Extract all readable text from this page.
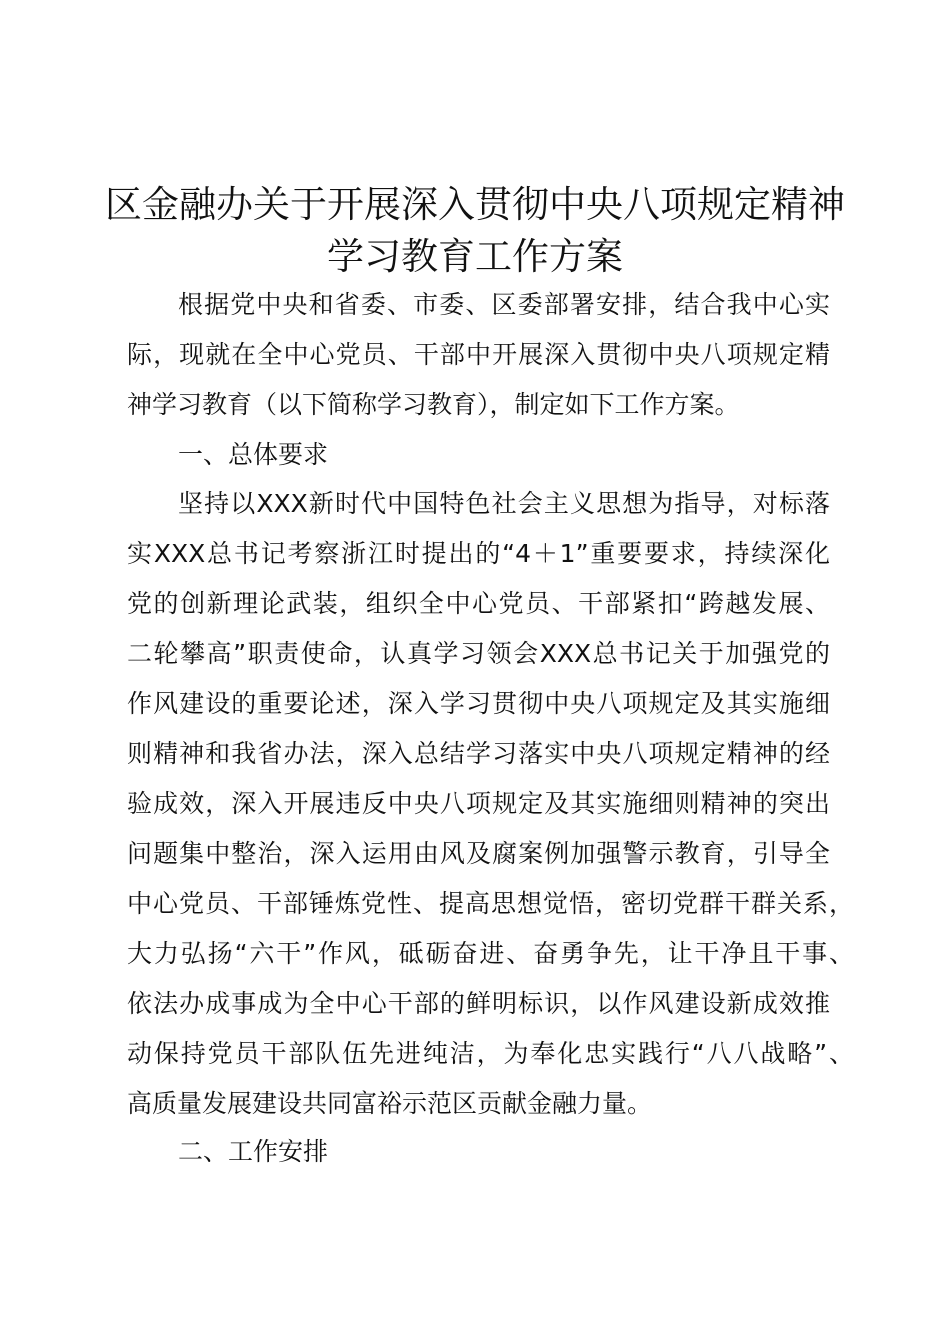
区金融办关于开展深入贯彻中央八项规定精神
学习教育工作方案
根据党中央和省委、市委、区委部署安排，结合我中心实
际，现就在全中心党员、干部中开展深入贯彻中央八项规定精
神学习教育（以下简称学习教育），制定如下工作方案。
一、总体要求
坚持以XXX新时代中国特色社会主义思想为指导，对标落
实XXX总书记考察浙江时提出的“4＋1”重要要求，持续深化
党的创新理论武装，组织全中心党员、干部紧扣“跨越发展、
二轮攀高”职责使命，认真学习领会XXX总书记关于加强党的
作风建设的重要论述，深入学习贯彻中央八项规定及其实施细
则精神和我省办法，深入总结学习落实中央八项规定精神的经
验成效，深入开展违反中央八项规定及其实施细则精神的突出
问题集中整治，深入运用由风及腐案例加强警示教育，引导全
中心党员、干部锤炼党性、提高思想觉悟，密切党群干群关系，
大力弘扬“六干”作风，砥砺奋进、奋勇争先，让干净且干事、
依法办成事成为全中心干部的鲜明标识，以作风建设新成效推
动保持党员干部队伍先进纯洁，为奉化忠实践行“八八战略”、
高质量发展建设共同富裕示范区贡献金融力量。
二、工作安排
